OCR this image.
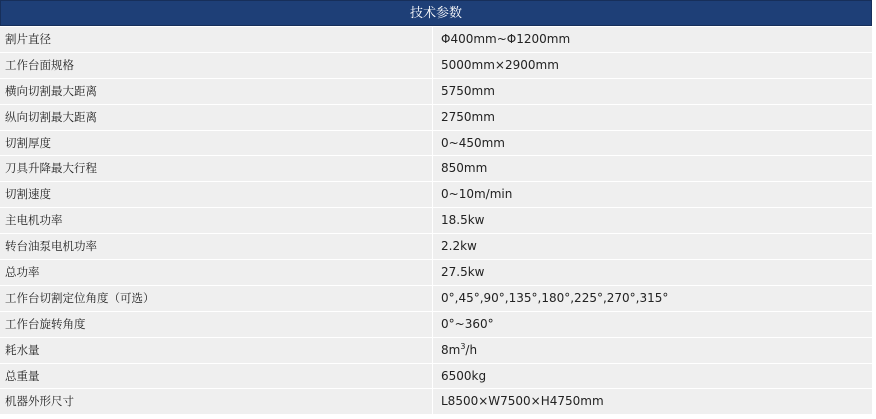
技术参数
割片直径	Φ400mm~Φ1200mm
工作台面规格	5000mm×2900mm
横向切割最大距离	5750mm
纵向切割最大距离	2750mm
切割厚度	0~450mm
刀具升降最大行程	850mm
切割速度	0~10m/min
主电机功率	18.5kw
转台油泵电机功率	2.2kw
总功率	27.5kw
工作台切割定位角度（可选）	0°,45°,90°,135°,180°,225°,270°,315°
工作台旋转角度	0°~360°
耗水量	$8m^3/h$
总重量	6500kg
机器外形尺寸	L8500×W7500×H4750mm
